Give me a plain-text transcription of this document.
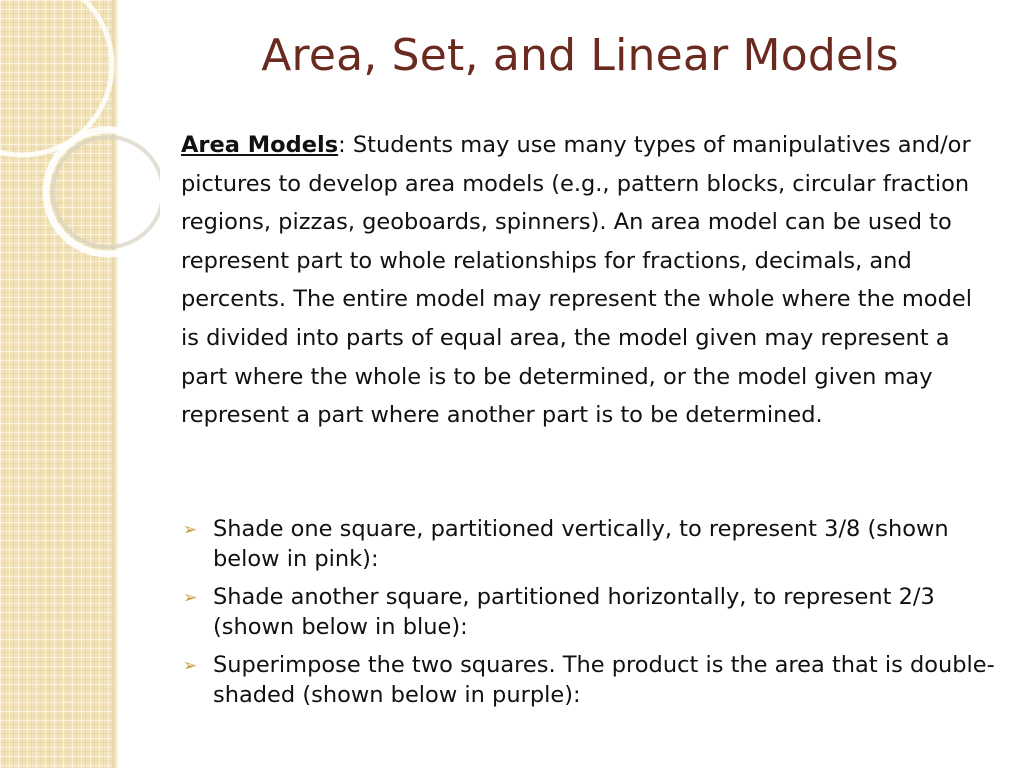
Area, Set, and Linear Models

Area Models: Students may use many types of manipulatives and/or pictures to develop area models (e.g., pattern blocks, circular fraction regions, pizzas, geoboards, spinners). An area model can be used to represent part to whole relationships for fractions, decimals, and percents. The entire model may represent the whole where the model is divided into parts of equal area, the model given may represent a part where the whole is to be determined, or the model given may represent a part where another part is to be determined.

➢ Shade one square, partitioned vertically, to represent 3/8 (shown below in pink):
➢ Shade another square, partitioned horizontally, to represent 2/3 (shown below in blue):
➢ Superimpose the two squares. The product is the area that is double-shaded (shown below in purple):
